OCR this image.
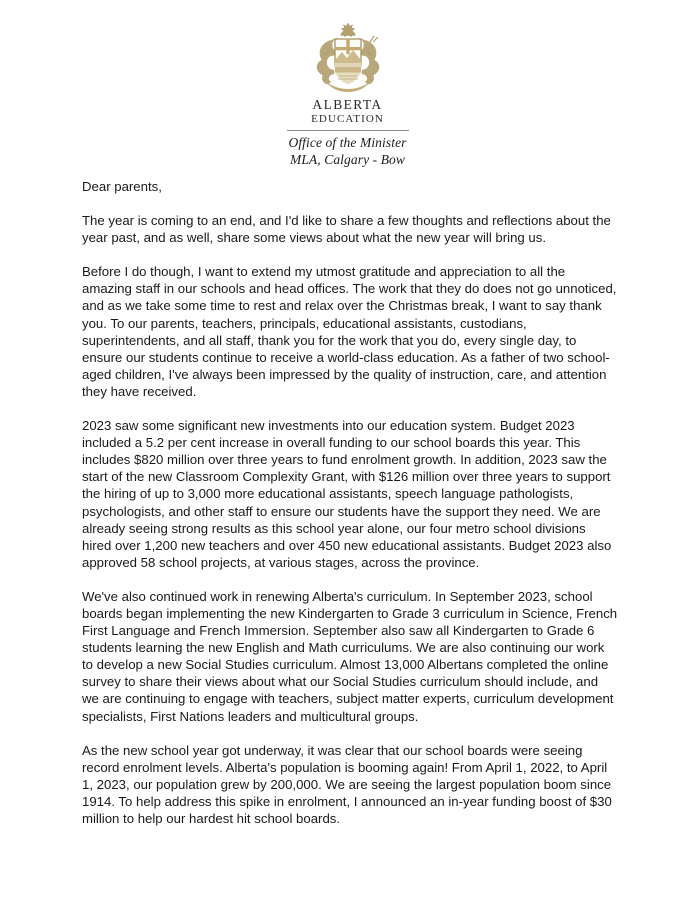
ALBERTA
EDUCATION
Office of the Minister
MLA, Calgary - Bow

Dear parents,

The year is coming to an end, and I'd like to share a few thoughts and reflections about the year past, and as well, share some views about what the new year will bring us.

Before I do though, I want to extend my utmost gratitude and appreciation to all the amazing staff in our schools and head offices. The work that they do does not go unnoticed, and as we take some time to rest and relax over the Christmas break, I want to say thank you. To our parents, teachers, principals, educational assistants, custodians, superintendents, and all staff, thank you for the work that you do, every single day, to ensure our students continue to receive a world-class education. As a father of two school-aged children, I've always been impressed by the quality of instruction, care, and attention they have received.

2023 saw some significant new investments into our education system. Budget 2023 included a 5.2 per cent increase in overall funding to our school boards this year. This includes $820 million over three years to fund enrolment growth. In addition, 2023 saw the start of the new Classroom Complexity Grant, with $126 million over three years to support the hiring of up to 3,000 more educational assistants, speech language pathologists, psychologists, and other staff to ensure our students have the support they need. We are already seeing strong results as this school year alone, our four metro school divisions hired over 1,200 new teachers and over 450 new educational assistants. Budget 2023 also approved 58 school projects, at various stages, across the province.

We've also continued work in renewing Alberta's curriculum. In September 2023, school boards began implementing the new Kindergarten to Grade 3 curriculum in Science, French First Language and French Immersion. September also saw all Kindergarten to Grade 6 students learning the new English and Math curriculums. We are also continuing our work to develop a new Social Studies curriculum. Almost 13,000 Albertans completed the online survey to share their views about what our Social Studies curriculum should include, and we are continuing to engage with teachers, subject matter experts, curriculum development specialists, First Nations leaders and multicultural groups.

As the new school year got underway, it was clear that our school boards were seeing record enrolment levels. Alberta's population is booming again! From April 1, 2022, to April 1, 2023, our population grew by 200,000. We are seeing the largest population boom since 1914. To help address this spike in enrolment, I announced an in-year funding boost of $30 million to help our hardest hit school boards.
